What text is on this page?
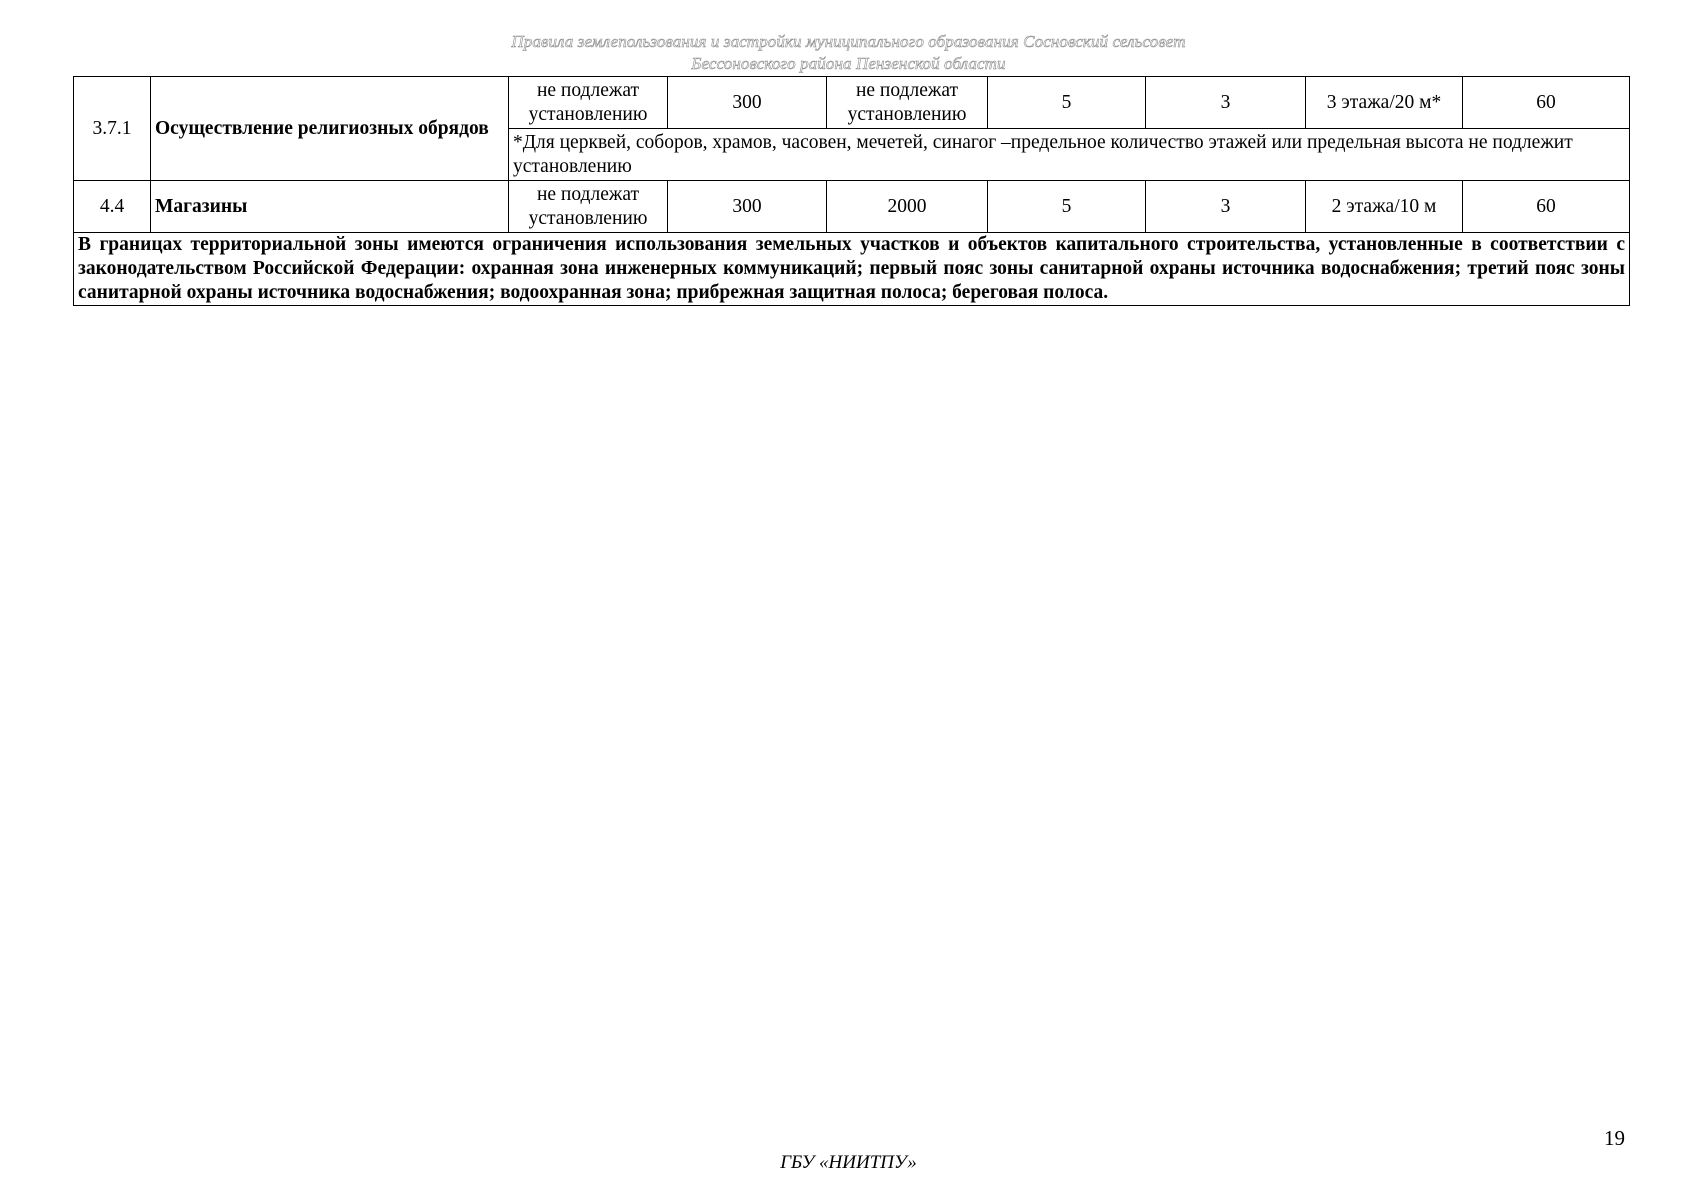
Правила землепользования и застройки муниципального образования Сосновский сельсовет
Бессоновского района Пензенской области
3.7.1	Осуществление религиозных обрядов	не подлежат установлению	300	не подлежат установлению	5	3	3 этажа/20 м*	60
		*Для церквей, соборов, храмов, часовен, мечетей, синагог –предельное количество этажей или предельная высота не подлежит установлению						
4.4	Магазины	не подлежат установлению	300	2000	5	3	2 этажа/10 м	60
В границах территориальной зоны имеются ограничения использования земельных участков и объектов капитального строительства, установленные в соответствии с законодательством Российской Федерации: охранная зона инженерных коммуникаций; первый пояс зоны санитарной охраны источника водоснабжения; третий пояс зоны санитарной охраны источника водоснабжения; водоохранная зона; прибрежная защитная полоса; береговая полоса.								
19
ГБУ «НИИТПУ»
